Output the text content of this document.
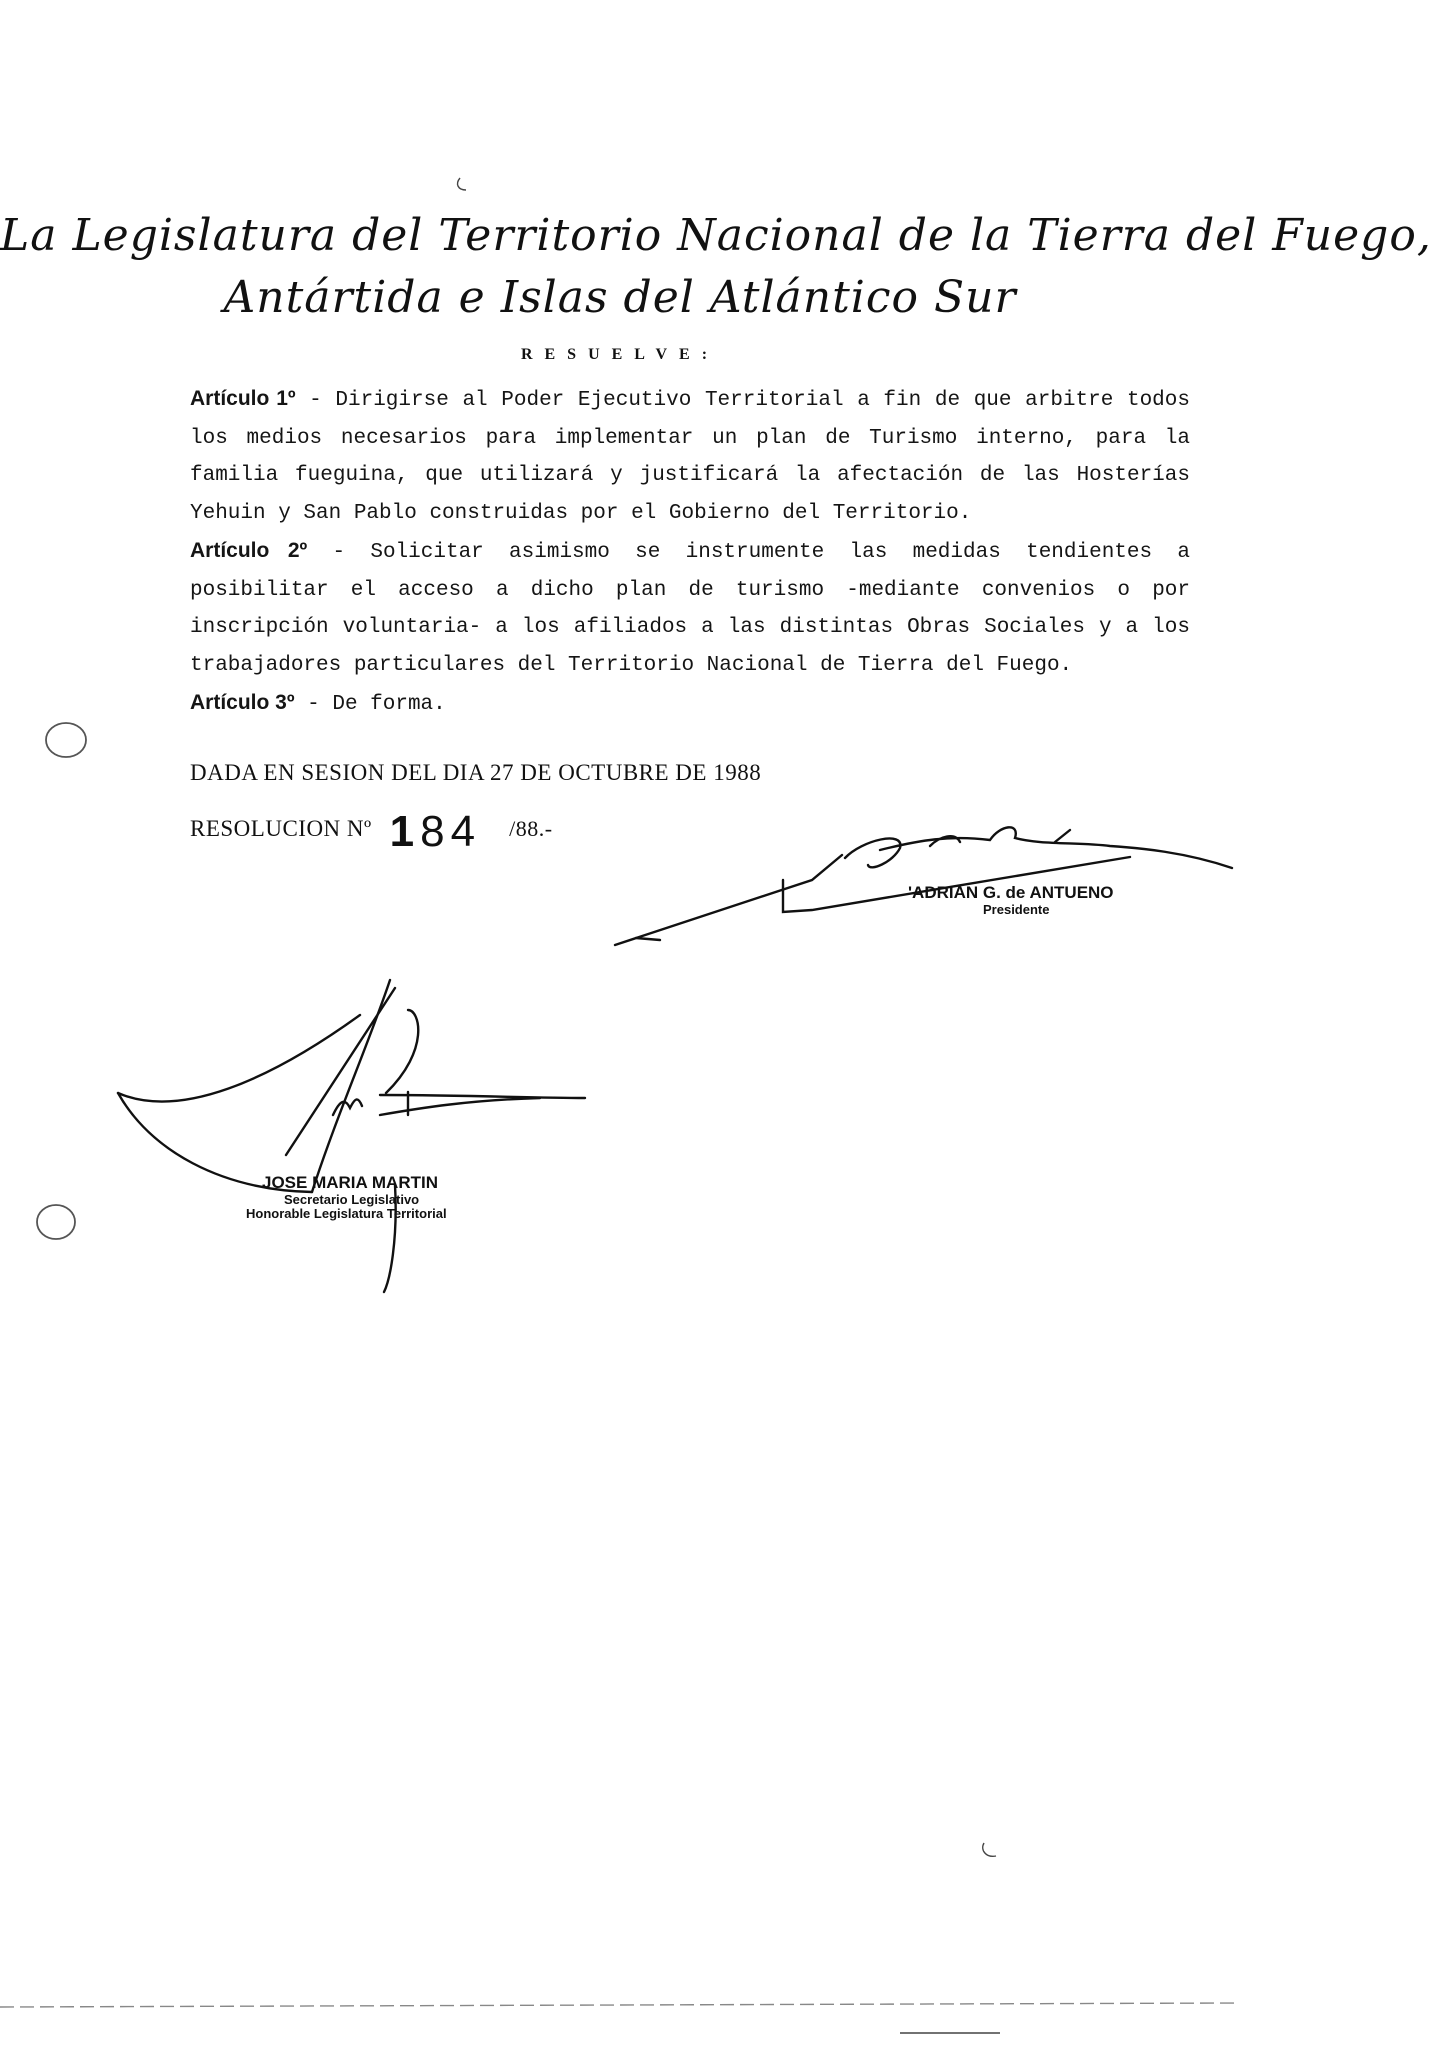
La Legislatura del Territorio Nacional de la Tierra del Fuego,
Antártida e Islas del Atlántico Sur
RESUELVE:

Artículo 1º - Dirigirse al Poder Ejecutivo Territorial a fin de que arbitre todos los medios necesarios para implementar un plan de Turismo interno, para la familia fueguina, que utilizará y justificará la afectación de las Hosterías Yehuin y San Pablo construidas por el Gobierno del Territorio.

Artículo 2º - Solicitar asimismo se instrumente las medidas tendientes a posibilitar el acceso a dicho plan de turismo -mediante convenios o por inscripción voluntaria- a los afiliados a las distintas Obras Sociales y a los trabajadores particulares del Territorio Nacional de Tierra del Fuego.

Artículo 3º - De forma.

DADA EN SESION DEL DIA 27 DE OCTUBRE DE 1988
RESOLUCION Nº 184 /88.-
'ADRIAN G. de ANTUENO
Presidente
JOSE MARIA MARTIN
Secretario Legislativo
Honorable Legislatura Territorial
